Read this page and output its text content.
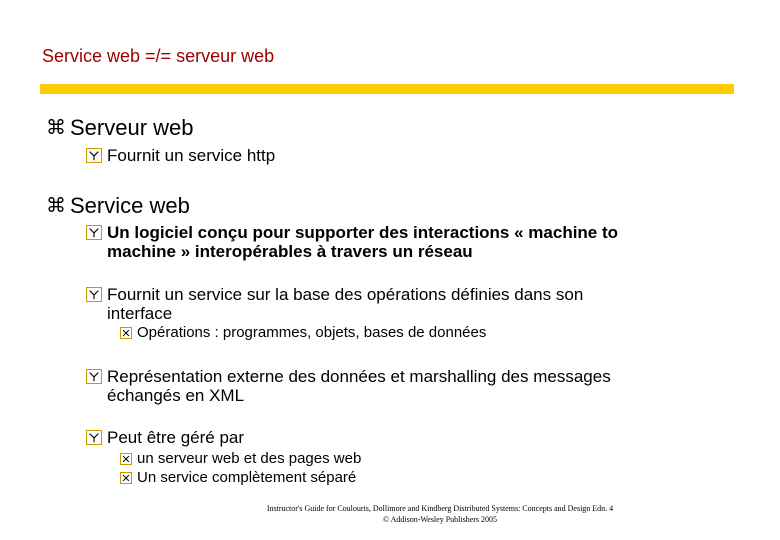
Service web =/= serveur web
⌘ Serveur web
Fournit un service http
⌘ Service web
Un logiciel conçu pour supporter des interactions « machine to
machine » interopérables à travers un réseau
Fournit un service sur la base des opérations définies dans son
interface
Opérations : programmes, objets, bases de données
Représentation externe des données et marshalling des messages
échangés en XML
Peut être géré par
un serveur web et des pages web
Un service complètement séparé
Instructor's Guide for Coulouris, Dollimore and Kindberg Distributed Systems: Concepts and Design Edn. 4
© Addison-Wesley Publishers 2005
